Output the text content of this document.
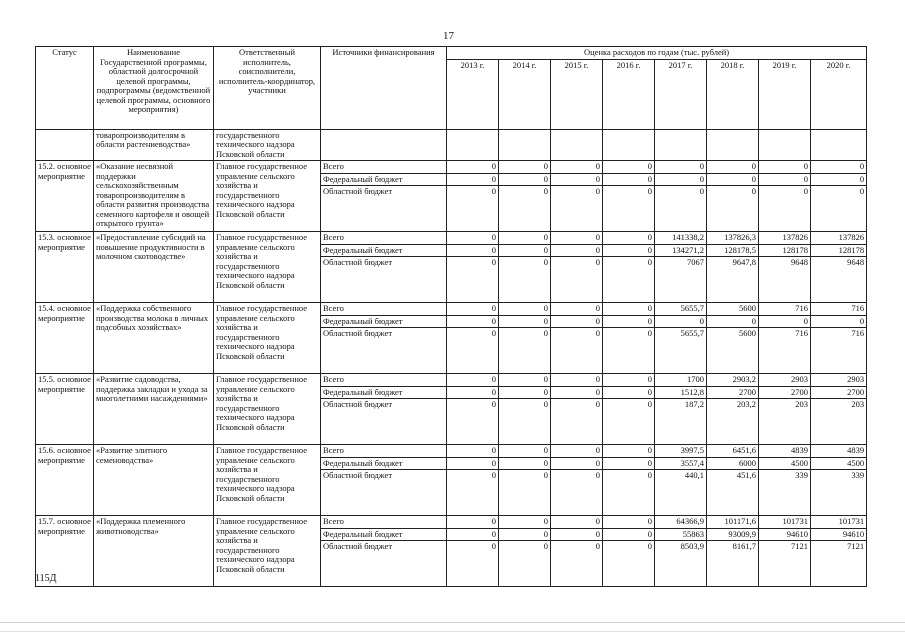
17
Статус	Наименование Государственной программы, областной долгосрочной целевой программы, подпрограммы (ведомственной целевой программы, основного мероприятия)	Ответственный исполнитель, соисполнители, исполнитель-координатор, участники	Источники финансирования	Оценка расходов по годам (тыс. рублей)							
				2013 г.	2014 г.	2015 г.	2016 г.	2017 г.	2018 г.	2019 г.	2020 г.
	товаропроизводителям в области растениеводства»	государственного технического надзора Псковской области									
15.2. основное мероприятие	«Оказание несвязной поддержки сельскохозяйственным товаропроизводителям в области развития производства семенного картофеля и овощей открытого грунта»	Главное государственное управление сельского хозяйства и государственного технического надзора Псковской области	Всего	0	0	0	0	0	0	0	0
			Федеральный бюджет	0	0	0	0	0	0	0	0
			Областной бюджет	0	0	0	0	0	0	0	0
15.3. основное мероприятие	«Предоставление субсидий на повышение продуктивности в молочном скотоводстве»	Главное государственное управление сельского хозяйства и государственного технического надзора Псковской области	Всего	0	0	0	0	141338,2	137826,3	137826	137826
			Федеральный бюджет	0	0	0	0	134271,2	128178,5	128178	128178
			Областной бюджет	0	0	0	0	7067	9647,8	9648	9648
15.4. основное мероприятие	«Поддержка собственного производства молока в личных подсобных хозяйствах»	Главное государственное управление сельского хозяйства и государственного технического надзора Псковской области	Всего	0	0	0	0	5655,7	5600	716	716
			Федеральный бюджет	0	0	0	0	0	0	0	0
			Областной бюджет	0	0	0	0	5655,7	5600	716	716
15.5. основное мероприятие	«Развитие садоводства, поддержка закладки и ухода за многолетними насаждениями»	Главное государственное управление сельского хозяйства и государственного технического надзора Псковской области	Всего	0	0	0	0	1700	2903,2	2903	2903
			Федеральный бюджет	0	0	0	0	1512,8	2700	2700	2700
			Областной бюджет	0	0	0	0	187,2	203,2	203	203
15.6. основное мероприятие	«Развитие элитного семеноводства»	Главное государственное управление сельского хозяйства и государственного технического надзора Псковской области	Всего	0	0	0	0	3997,5	6451,6	4839	4839
			Федеральный бюджет	0	0	0	0	3557,4	6000	4500	4500
			Областной бюджет	0	0	0	0	440,1	451,6	339	339
15.7. основное мероприятие	«Поддержка племенного животноводства»	Главное государственное управление сельского хозяйства и государственного технического надзора Псковской области	Всего	0	0	0	0	64366,9	101171,6	101731	101731
			Федеральный бюджет	0	0	0	0	55863	93009,9	94610	94610
			Областной бюджет	0	0	0	0	8503,9	8161,7	7121	7121
115Д
